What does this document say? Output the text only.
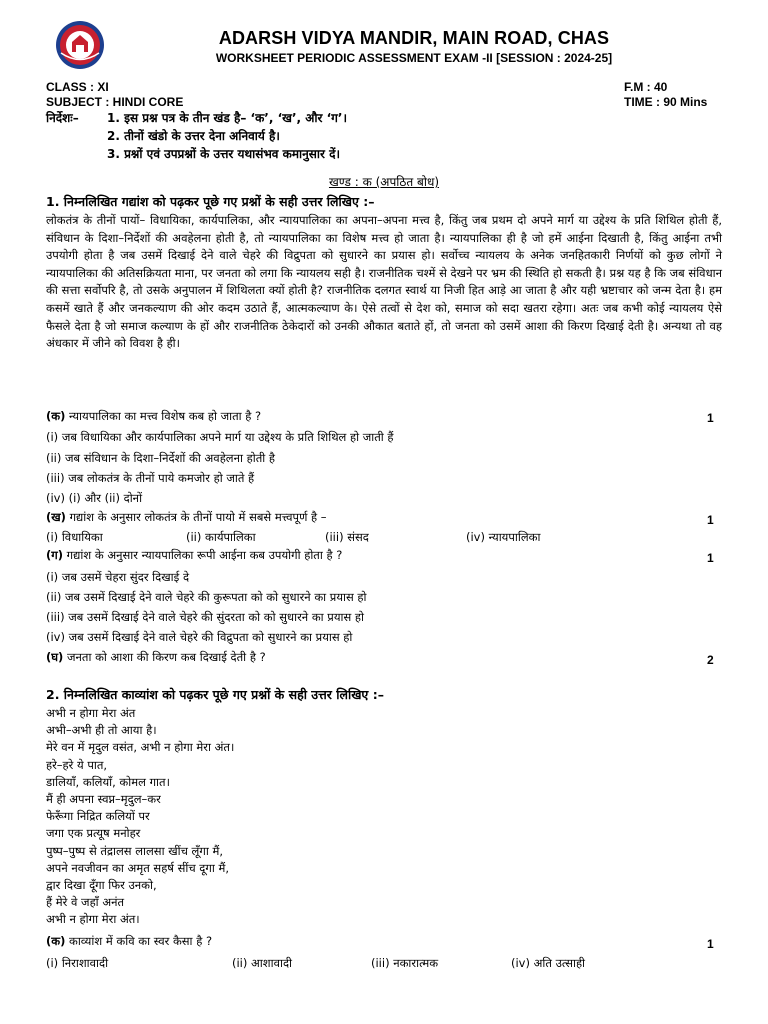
ADARSH VIDYA MANDIR, MAIN ROAD, CHAS
WORKSHEET PERIODIC ASSESSMENT EXAM -II [SESSION : 2024-25]
CLASS : XI
SUBJECT : HINDI CORE
F.M : 40
TIME : 90 Mins
निर्देशः– 1. इस प्रश्न पत्र के तीन खंड है– ‘क’, ‘ख’, और ‘ग’।
2. तीनों खंडो के उत्तर देना अनिवार्य है।
3. प्रश्नों एवं उपप्रश्नों के उत्तर यथासंभव कमानुसार दें।
खण्ड : क (अपठित बोध)
1. निम्नलिखित गद्यांश को पढ़कर पूछे गए प्रश्नों के सही उत्तर लिखिए :–
लोकतंत्र के तीनों पायों– विधायिका, कार्यपालिका, और न्यायपालिका का अपना–अपना मत्त्व है, किंतु जब प्रथम दो अपने मार्ग या उद्देश्य के प्रति शिथिल होती हैं, संविधान के दिशा–निर्देशों की अवहेलना होती है, तो न्यायपालिका का विशेष मत्त्व हो जाता है। न्यायपालिका ही है जो हमें आईना दिखाती है, किंतु आईना तभी उपयोगी होता है जब उसमें दिखाई देने वाले चेहरे की विद्रुपता को सुधारने का प्रयास हो। सर्वोच्च न्यायलय के अनेक जनहितकारी निर्णयों को कुछ लोगों ने न्यायपालिका की अतिसक्रियता माना, पर जनता को लगा कि न्यायलय सही है। राजनीतिक चश्में से देखने पर भ्रम की स्थिति हो सकती है। प्रश्न यह है कि जब संविधान की सत्ता सर्वोपरि है, तो उसके अनुपालन में शिथिलता क्यों होती है? राजनीतिक दलगत स्वार्थ या निजी हित आड़े आ जाता है और यही भ्रष्टाचार को जन्म देता है। हम कसमें खाते हैं और जनकल्याण की ओर कदम उठाते हैं, आत्मकल्याण के। ऐसे तत्वों से देश को, समाज को सदा खतरा रहेगा। अतः जब कभी कोई न्यायलय ऐसे फैसले देता है जो समाज कल्याण के हों और राजनीतिक ठेकेदारों को उनकी औकात बताते हों, तो जनता को उसमें आशा की किरण दिखाई देती है। अन्यथा तो वह अंधकार में जीने को विवश है ही।
(क) न्यायपालिका का मत्त्व विशेष कब हो जाता है ?	1
(i) जब विधायिका और कार्यपालिका अपने मार्ग या उद्देश्य के प्रति शिथिल हो जाती हैं
(ii) जब संविधान के दिशा–निर्देशों की अवहेलना होती है
(iii) जब लोकतंत्र के तीनों पाये कमजोर हो जाते हैं
(iv) (i) और (ii) दोनों
(ख) गद्यांश के अनुसार लोकतंत्र के तीनों पायो में सबसे मत्त्वपूर्ण है –	1
(i) विधायिका	(ii) कार्यपालिका	(iii) संसद	(iv) न्यायपालिका
(ग) गद्यांश के अनुसार न्यायपालिका रूपी आईना कब उपयोगी होता है ?	1
(i) जब उसमें चेहरा सुंदर दिखाई दे
(ii) जब उसमें दिखाई देने वाले चेहरे की कुरूपता को को सुधारने का प्रयास हो
(iii) जब उसमें दिखाई देने वाले चेहरे की सुंदरता को को सुधारने का प्रयास हो
(iv) जब उसमें दिखाई देने वाले चेहरे की विद्रुपता को सुधारने का प्रयास हो
(घ) जनता को आशा की किरण कब दिखाई देती है ?	2
2. निम्नलिखित काव्यांश को पढ़कर पूछे गए प्रश्नों के सही उत्तर लिखिए :–
अभी न होगा मेरा अंत
अभी–अभी ही तो आया है।
मेरे वन में मृदुल वसंत, अभी न होगा मेरा अंत।
हरे–हरे ये पात,
डालियाँ, कलियाँ, कोमल गात।
मैं ही अपना स्वप्न–मृदुल–कर
फेरूँगा निद्रित कलियों पर
जगा एक प्रत्यूष मनोहर
पुष्प–पुष्प से तंद्रालस लालसा खींच लूँगा मैं,
अपने नवजीवन का अमृत सहर्ष सींच दूगा मैं,
द्वार दिखा दूँगा फिर उनको,
हैं मेरे वे जहाँ अनंत
अभी न होगा मेरा अंत।
(क) काव्यांश में कवि का स्वर कैसा है ?	1
(i) निराशावादी	(ii) आशावादी	(iii) नकारात्मक	(iv) अति उत्साही
